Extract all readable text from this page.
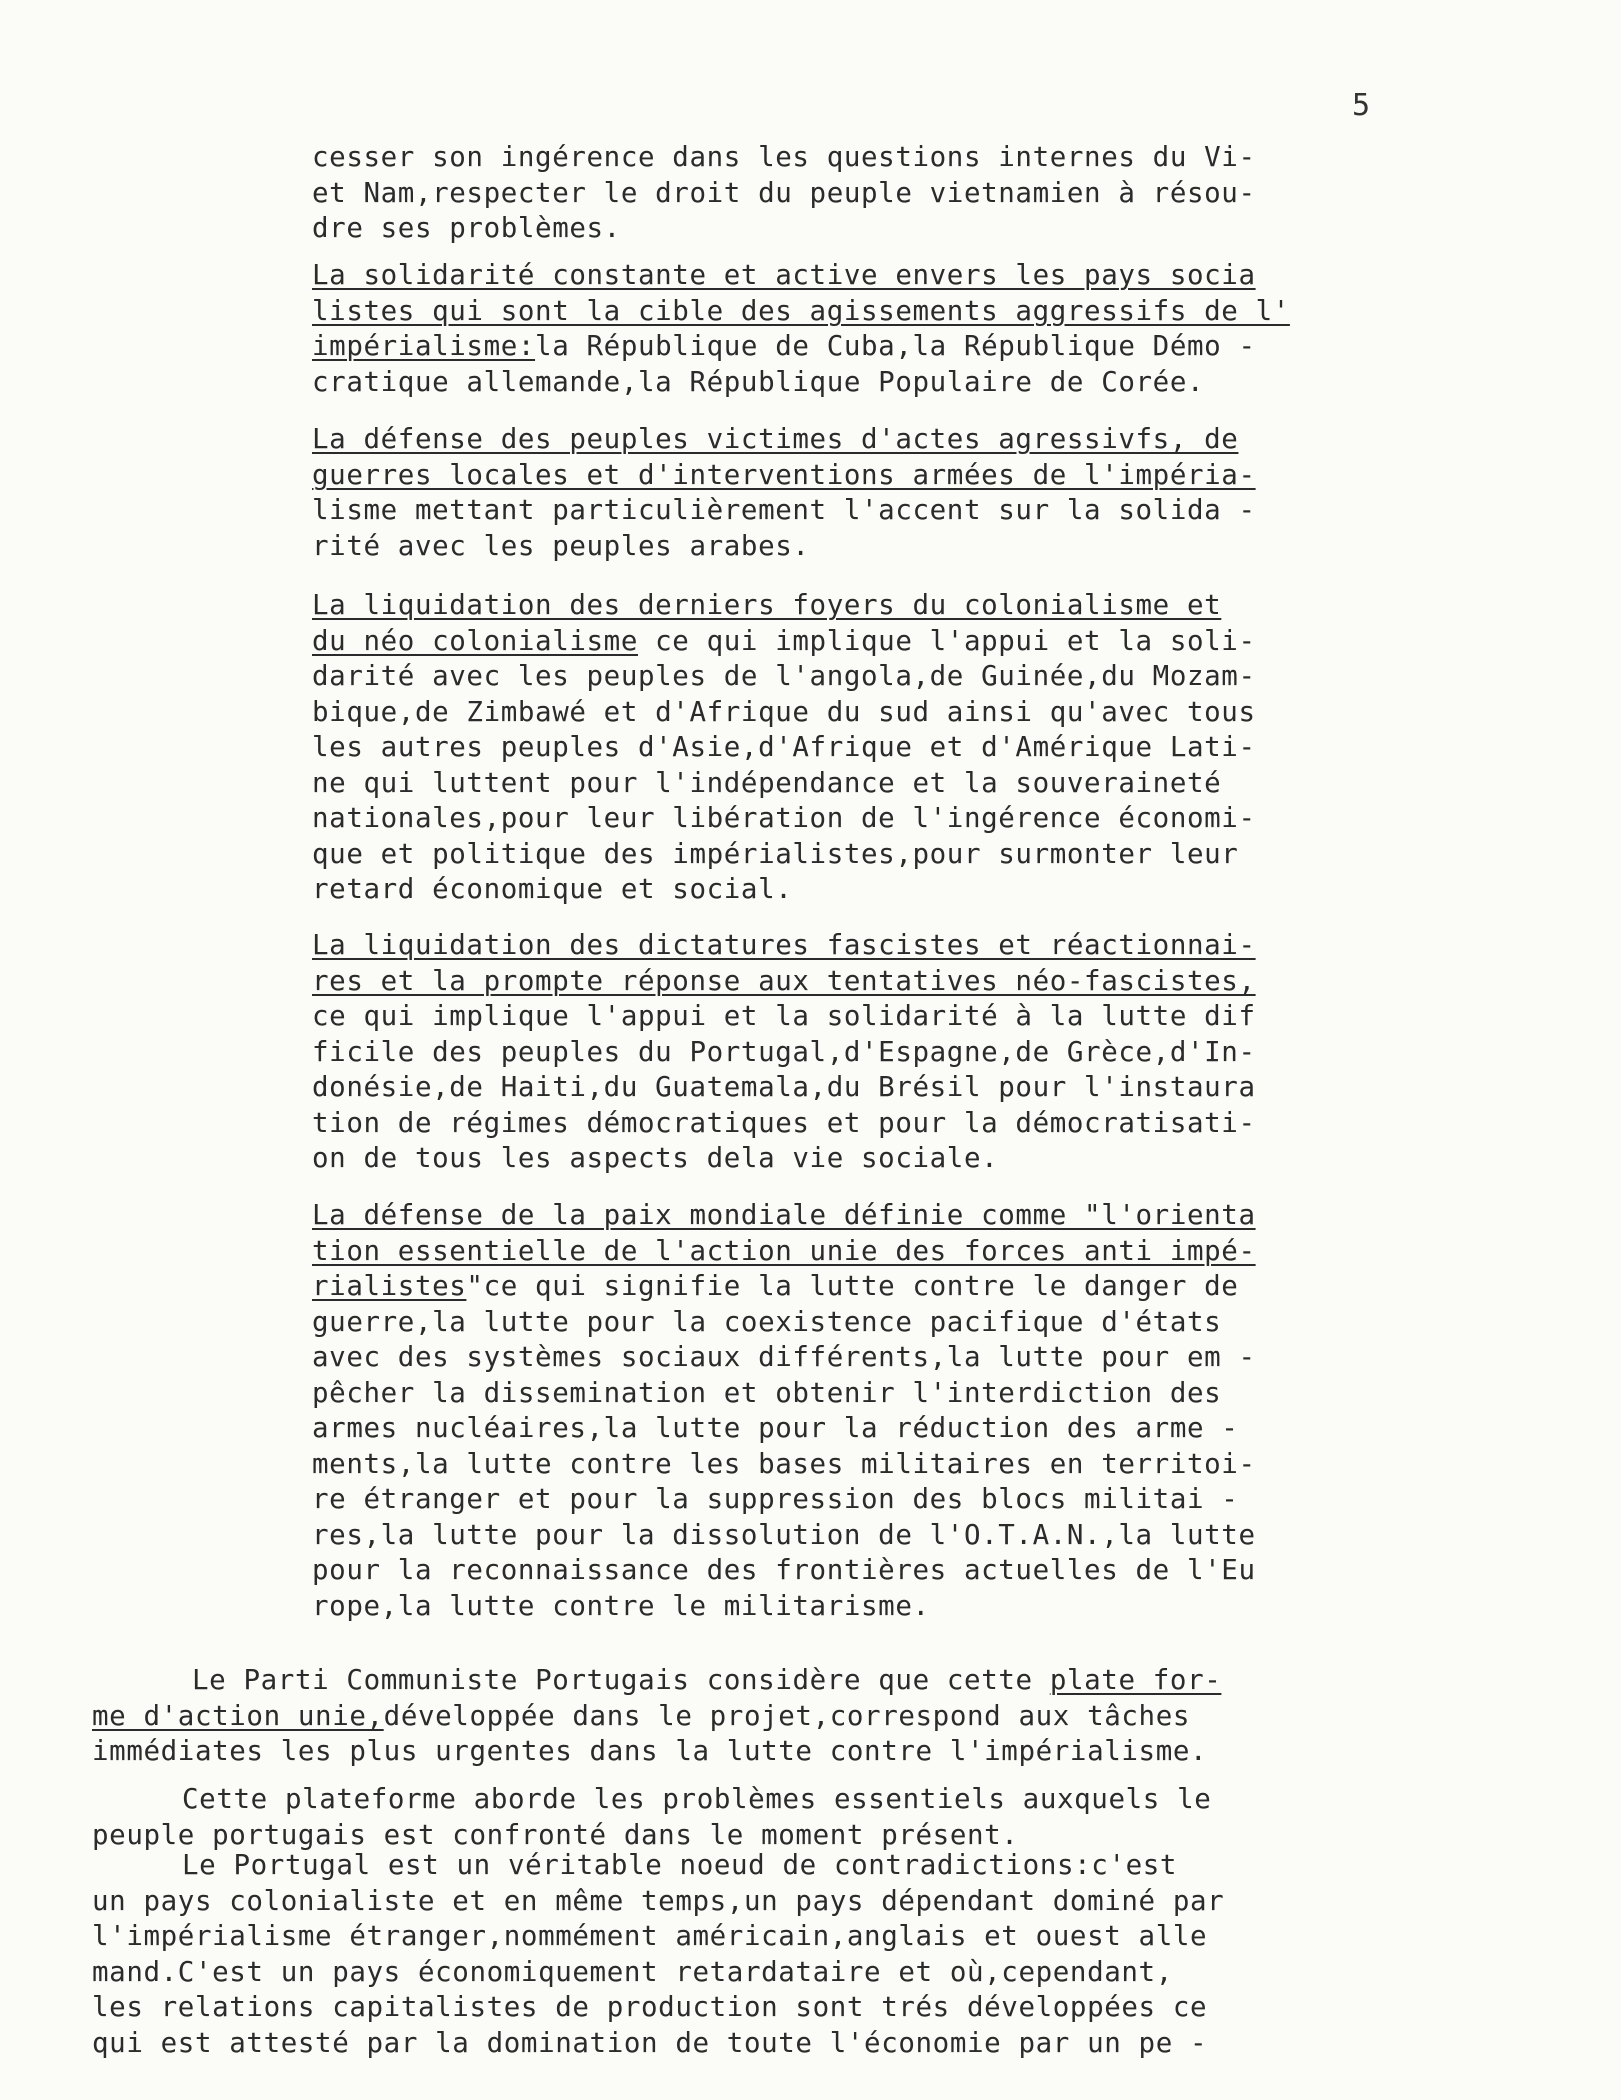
5
cesser son ingérence dans les questions internes du Vi-
et Nam,respecter le droit du peuple vietnamien à résou-
dre ses problèmes.
La solidarité constante et active envers les pays socia
listes qui sont la cible des agissements aggressifs de l'
impérialisme:la République de Cuba,la République Démo -
cratique allemande,la République Populaire de Corée.
La défense des peuples victimes d'actes agressivfs, de
guerres locales et d'interventions armées de l'impéria-
lisme mettant particulièrement l'accent sur la solida -
rité avec les peuples arabes.
La liquidation des derniers foyers du colonialisme et
du néo colonialisme ce qui implique l'appui et la soli-
darité avec les peuples de l'angola,de Guinée,du Mozam-
bique,de Zimbawé et d'Afrique du sud ainsi qu'avec tous
les autres peuples d'Asie,d'Afrique et d'Amérique Lati-
ne qui luttent pour l'indépendance et la souveraineté
nationales,pour leur libération de l'ingérence économi-
que et politique des impérialistes,pour surmonter leur
retard économique et social.
La liquidation des dictatures fascistes et réactionnai-
res et la prompte réponse aux tentatives néo-fascistes,
ce qui implique l'appui et la solidarité à la lutte dif
ficile des peuples du Portugal,d'Espagne,de Grèce,d'In-
donésie,de Haiti,du Guatemala,du Brésil pour l'instaura
tion de régimes démocratiques et pour la démocratisati-
on de tous les aspects dela vie sociale.
La défense de la paix mondiale définie comme "l'orienta
tion essentielle de l'action unie des forces anti impé-
rialistes"ce qui signifie la lutte contre le danger de
guerre,la lutte pour la coexistence pacifique d'états
avec des systèmes sociaux différents,la lutte pour em -
pêcher la dissemination et obtenir l'interdiction des
armes nucléaires,la lutte pour la réduction des arme -
ments,la lutte contre les bases militaires en territoi-
re étranger et pour la suppression des blocs militai -
res,la lutte pour la dissolution de l'O.T.A.N.,la lutte
pour la reconnaissance des frontières actuelles de l'Eu
rope,la lutte contre le militarisme.
Le Parti Communiste Portugais considère que cette plate for-
me d'action unie,développée dans le projet,correspond aux tâches
immédiates les plus urgentes dans la lutte contre l'impérialisme.
Cette plateforme aborde les problèmes essentiels auxquels le
peuple portugais est confronté dans le moment présent.
Le Portugal est un véritable noeud de contradictions:c'est
un pays colonialiste et en même temps,un pays dépendant dominé par
l'impérialisme étranger,nommément américain,anglais et ouest alle
mand.C'est un pays économiquement retardataire et où,cependant,
les relations capitalistes de production sont trés développées ce
qui est attesté par la domination de toute l'économie par un pe -
